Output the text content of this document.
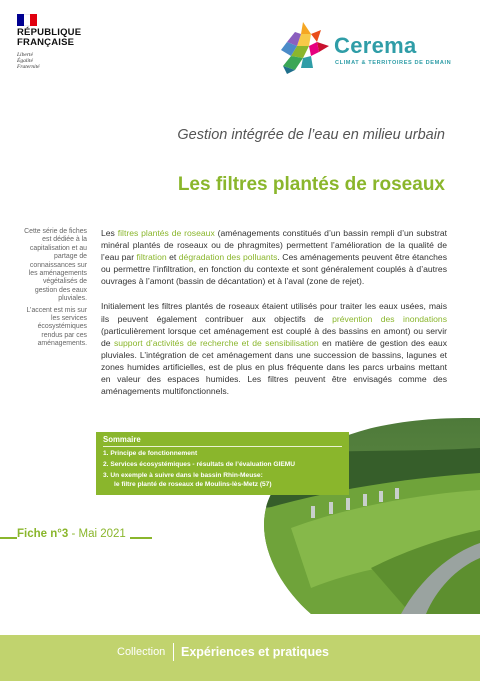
RÉPUBLIQUE
FRANÇAISE
Liberté
Égalité
Fraternité
Cerema
CLIMAT & TERRITOIRES DE DEMAIN
Gestion intégrée de l’eau en milieu urbain
Les filtres plantés de roseaux

Cette série de fiches est dédiée à la capitalisation et au partage de connaissances sur les aménagements végétalisés de gestion des eaux pluviales.

L’accent est mis sur les services écosystémiques rendus par ces aménagements.

Les filtres plantés de roseaux (aménagements constitués d’un bassin rempli d’un substrat minéral plantés de roseaux ou de phragmites) permettent l’amélioration de la qualité de l’eau par filtration et dégradation des polluants. Ces aménagements peuvent être étanches ou permettre l’infiltration, en fonction du contexte et sont généralement couplés à d’autres ouvrages à l’amont (bassin de décantation) et à l’aval (zone de rejet).

Initialement les filtres plantés de roseaux étaient utilisés pour traiter les eaux usées, mais ils peuvent également contribuer aux objectifs de prévention des inondations (particulièrement lorsque cet aménagement est couplé à des bassins en amont) ou servir de support d’activités de recherche et de sensibilisation en matière de gestion des eaux pluviales. L’intégration de cet aménagement dans une succession de bassins, lagunes et zones humides artificielles, est de plus en plus fréquente dans les parcs urbains mettant en valeur des espaces humides. Les filtres peuvent être envisagés comme des aménagements multifonctionnels.

Sommaire
1. Principe de fonctionnement
2. Services écosystémiques - résultats de l’évaluation GIEMU
3. Un exemple à suivre dans le bassin Rhin-Meuse:
le filtre planté de roseaux de Moulins-lès-Metz (57)
Fiche n°3 - Mai 2021
Collection Expériences et pratiques
